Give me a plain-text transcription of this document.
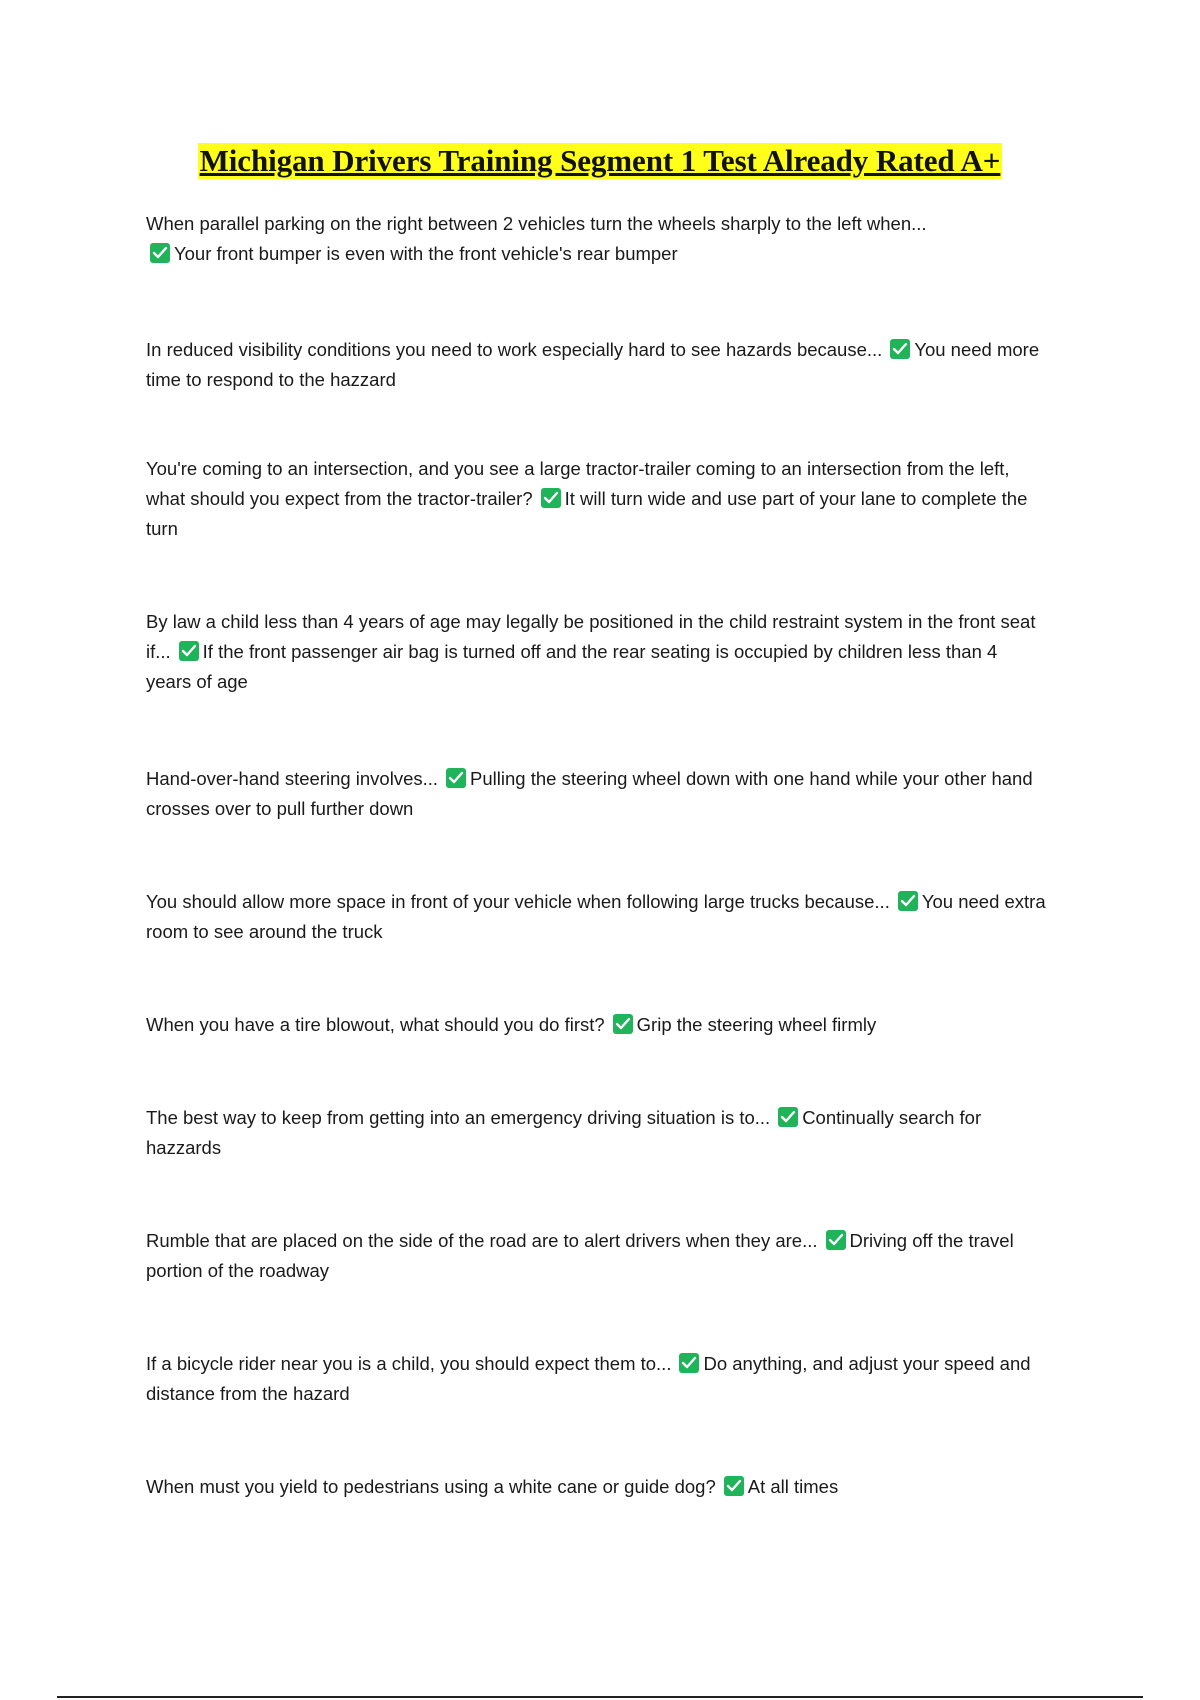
Michigan Drivers Training Segment 1 Test Already Rated A+
When parallel parking on the right between 2 vehicles turn the wheels sharply to the left when...

Your front bumper is even with the front vehicle's rear bumper
In reduced visibility conditions you need to work especially hard to see hazards because... You need more time to respond to the hazzard
You're coming to an intersection, and you see a large tractor-trailer coming to an intersection from the left, what should you expect from the tractor-trailer? It will turn wide and use part of your lane to complete the turn
By law a child less than 4 years of age may legally be positioned in the child restraint system in the front seat if... If the front passenger air bag is turned off and the rear seating is occupied by children less than 4 years of age
Hand-over-hand steering involves... Pulling the steering wheel down with one hand while your other hand crosses over to pull further down
You should allow more space in front of your vehicle when following large trucks because... You need extra room to see around the truck
When you have a tire blowout, what should you do first? Grip the steering wheel firmly
The best way to keep from getting into an emergency driving situation is to... Continually search for hazzards
Rumble that are placed on the side of the road are to alert drivers when they are... Driving off the travel portion of the roadway
If a bicycle rider near you is a child, you should expect them to... Do anything, and adjust your speed and distance from the hazard
When must you yield to pedestrians using a white cane or guide dog? At all times
